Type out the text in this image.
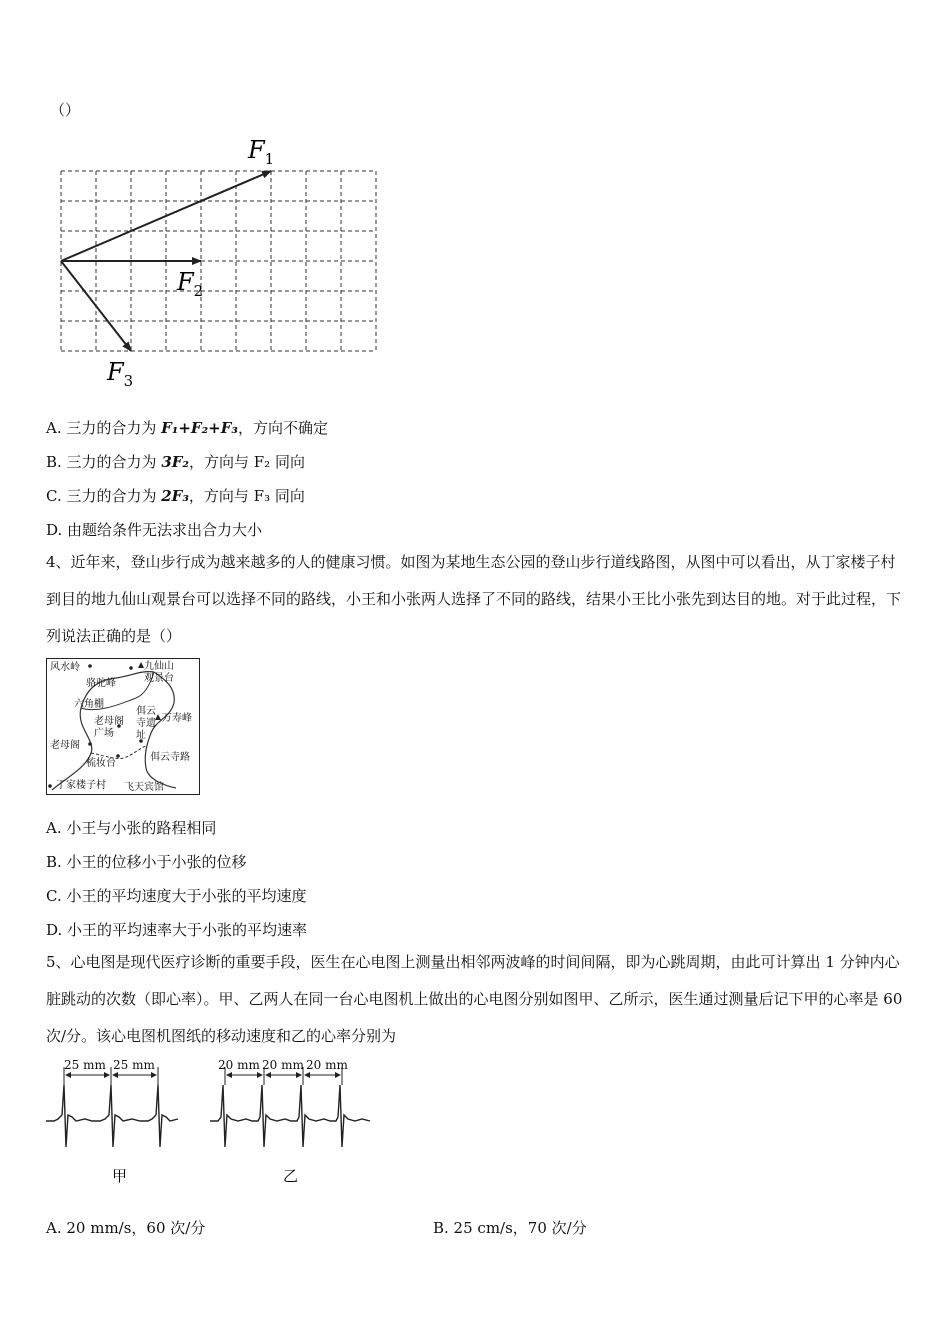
（）
$F_1$
$F_2$
$F_3$
A. 三力的合力为 F₁+F₂+F₃，方向不确定
B. 三力的合力为 3F₂，方向与 F₂ 同向
C. 三力的合力为 2F₃，方向与 F₃ 同向
D. 由题给条件无法求出合力大小
4、近年来，登山步行成为越来越多的人的健康习惯。如图为某地生态公园的登山步行道线路图，从图中可以看出，从丁家楼子村到目的地九仙山观景台可以选择不同的路线，小王和小张两人选择了不同的路线，结果小王比小张先到达目的地。对于此过程，下列说法正确的是（）
风水岭	九仙山
观景台
骆驼峰
六角棚
老母阁
广场
佴云
寺遗
址
万寿峰
老母阁
梳妆台
佴云寺路
丁家楼子村 飞天宾馆
A. 小王与小张的路程相同
B. 小王的位移小于小张的位移
C. 小王的平均速度大于小张的平均速度
D. 小王的平均速率大于小张的平均速率
5、心电图是现代医疗诊断的重要手段，医生在心电图上测量出相邻两波峰的时间间隔，即为心跳周期，由此可计算出 1 分钟内心脏跳动的次数（即心率）。甲、乙两人在同一台心电图机上做出的心电图分别如图甲、乙所示，医生通过测量后记下甲的心率是 60 次/分。该心电图机图纸的移动速度和乙的心率分别为
25 mm 25 mm
甲
20 mm 20 mm 20 mm
乙
A. 20 mm/s，60 次/分	B. 25 cm/s，70 次/分
